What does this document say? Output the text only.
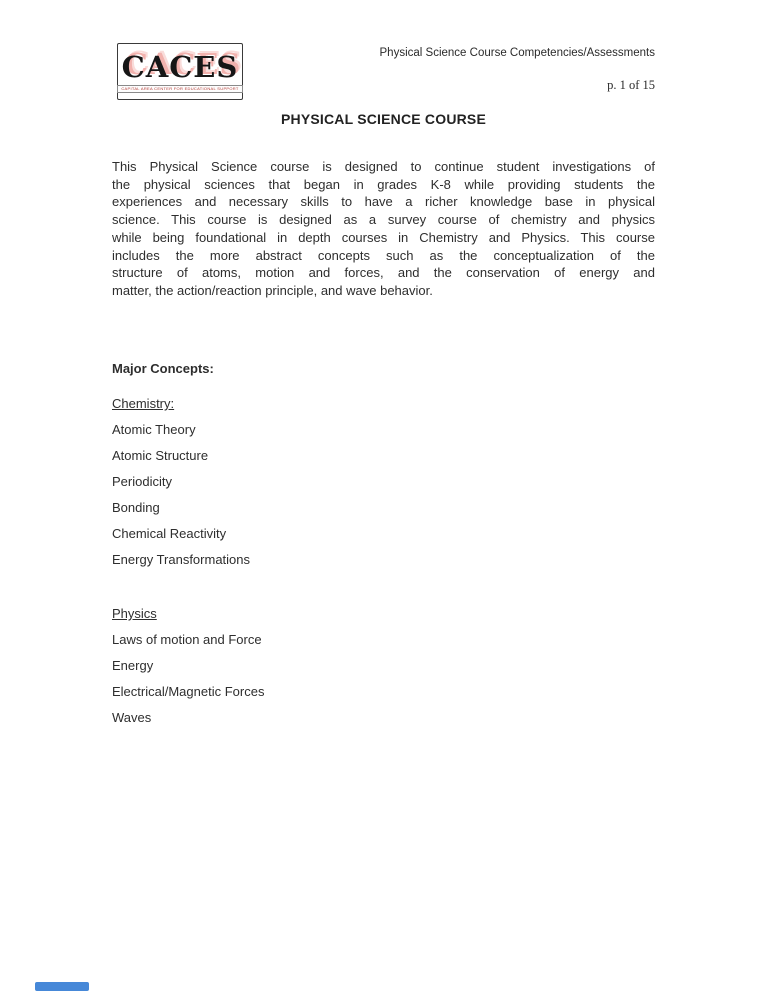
CACES
CAPITAL AREA CENTER FOR EDUCATIONAL SUPPORT
Physical Science Course Competencies/Assessments
p. 1 of 15
PHYSICAL SCIENCE COURSE
This Physical Science course is designed to continue student investigations of
the physical sciences that began in grades K-8 while providing students the
experiences and necessary skills to have a richer knowledge base in physical
science. This course is designed as a survey course of chemistry and physics
while being foundational in depth courses in Chemistry and Physics. This course
includes the more abstract concepts such as the conceptualization of the
structure of atoms, motion and forces, and the conservation of energy and
matter, the action/reaction principle, and wave behavior.
Major Concepts:
Chemistry:
Atomic Theory
Atomic Structure
Periodicity
Bonding
Chemical Reactivity
Energy Transformations
Physics
Laws of motion and Force
Energy
Electrical/Magnetic Forces
Waves
